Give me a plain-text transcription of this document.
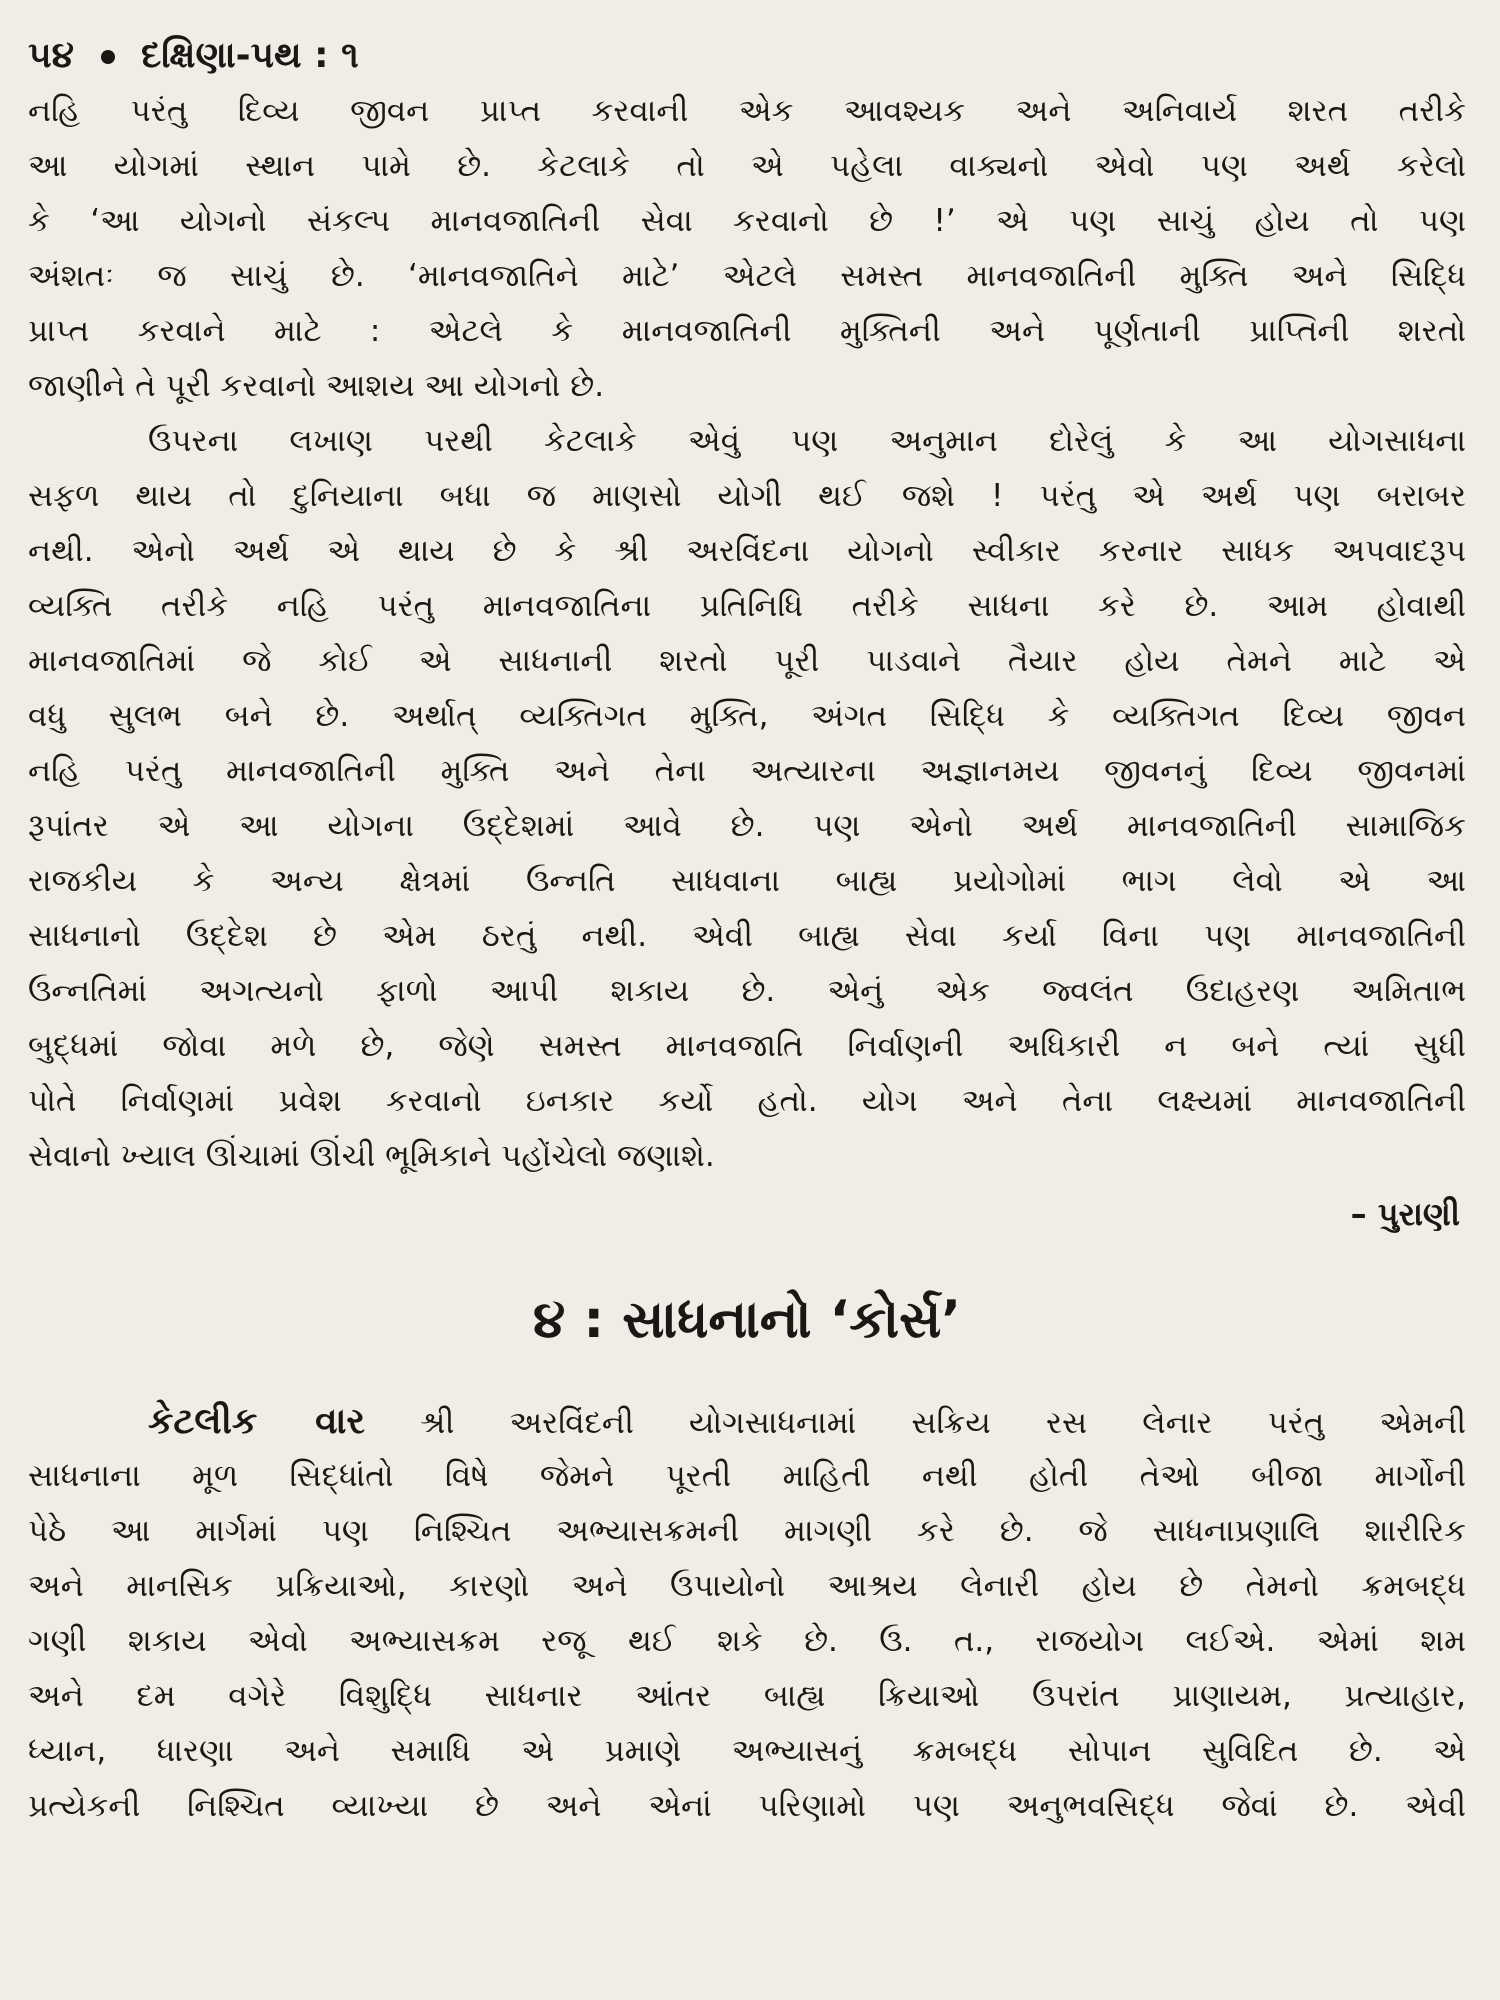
૫૪ દક્ષિણા-પથ : ૧
નહિ પરંતુ દિવ્ય જીવન પ્રાપ્ત કરવાની એક આવશ્યક અને અનિવાર્ય શરત તરીકે
આ યોગમાં સ્થાન પામે છે. કેટલાકે તો એ પહેલા વાક્યનો એવો પણ અર્થ કરેલો
કે ‘આ યોગનો સંકલ્પ માનવજાતિની સેવા કરવાનો છે !’ એ પણ સાચું હોય તો પણ
અંશતઃ જ સાચું છે. ‘માનવજાતિને માટે’ એટલે સમસ્ત માનવજાતિની મુક્તિ અને સિદ્ધિ
પ્રાપ્ત કરવાને માટે : એટલે કે માનવજાતિની મુક્તિની અને પૂર્ણતાની પ્રાપ્તિની શરતો
જાણીને તે પૂરી કરવાનો આશય આ યોગનો છે.
ઉપરના લખાણ પરથી કેટલાકે એવું પણ અનુમાન દોરેલું કે આ યોગસાધના
સફળ થાય તો દુનિયાના બધા જ માણસો યોગી થઈ જશે ! પરંતુ એ અર્થ પણ બરાબર
નથી. એનો અર્થ એ થાય છે કે શ્રી અરવિંદના યોગનો સ્વીકાર કરનાર સાધક અપવાદરૂપ
વ્યક્તિ તરીકે નહિ પરંતુ માનવજાતિના પ્રતિનિધિ તરીકે સાધના કરે છે. આમ હોવાથી
માનવજાતિમાં જે કોઈ એ સાધનાની શરતો પૂરી પાડવાને તૈયાર હોય તેમને માટે એ
વધુ સુલભ બને છે. અર્થાત્ વ્યક્તિગત મુક્તિ, અંગત સિદ્ધિ કે વ્યક્તિગત દિવ્ય જીવન
નહિ પરંતુ માનવજાતિની મુક્તિ અને તેના અત્યારના અજ્ઞાનમય જીવનનું દિવ્ય જીવનમાં
રૂપાંતર એ આ યોગના ઉદ્દેશમાં આવે છે. પણ એનો અર્થ માનવજાતિની સામાજિક
રાજકીય કે અન્ય ક્ષેત્રમાં ઉન્નતિ સાધવાના બાહ્ય પ્રયોગોમાં ભાગ લેવો એ આ
સાધનાનો ઉદ્દેશ છે એમ ઠરતું નથી. એવી બાહ્ય સેવા કર્યા વિના પણ માનવજાતિની
ઉન્નતિમાં અગત્યનો ફાળો આપી શકાય છે. એનું એક જ્વલંત ઉદાહરણ અમિતાભ
બુદ્ધમાં જોવા મળે છે, જેણે સમસ્ત માનવજાતિ નિર્વાણની અધિકારી ન બને ત્યાં સુધી
પોતે નિર્વાણમાં પ્રવેશ કરવાનો ઇનકાર કર્યો હતો. યોગ અને તેના લક્ષ્યમાં માનવજાતિની
સેવાનો ખ્યાલ ઊંચામાં ઊંચી ભૂમિકાને પહોંચેલો જણાશે.
– પુરાણી
૪ : સાધનાનો ‘કોર્સ’
કેટલીક વાર શ્રી અરવિંદની યોગસાધનામાં સક્રિય રસ લેનાર પરંતુ એમની
સાધનાના મૂળ સિદ્ધાંતો વિષે જેમને પૂરતી માહિતી નથી હોતી તેઓ બીજા માર્ગોની
પેઠે આ માર્ગમાં પણ નિશ્ચિત અભ્યાસક્રમની માગણી કરે છે. જે સાધનાપ્રણાલિ શારીરિક
અને માનસિક પ્રક્રિયાઓ, કારણો અને ઉપાયોનો આશ્રય લેનારી હોય છે તેમનો ક્રમબદ્ધ
ગણી શકાય એવો અભ્યાસક્રમ રજૂ થઈ શકે છે. ઉ. ત., રાજયોગ લઈએ. એમાં શમ
અને દમ વગેરે વિશુદ્ધિ સાધનાર આંતર બાહ્ય ક્રિયાઓ ઉપરાંત પ્રાણાયમ, પ્રત્યાહાર,
ધ્યાન, ધારણા અને સમાધિ એ પ્રમાણે અભ્યાસનું ક્રમબદ્ધ સોપાન સુવિદિત છે. એ
પ્રત્યેકની નિશ્ચિત વ્યાખ્યા છે અને એનાં પરિણામો પણ અનુભવસિદ્ધ જેવાં છે. એવી
